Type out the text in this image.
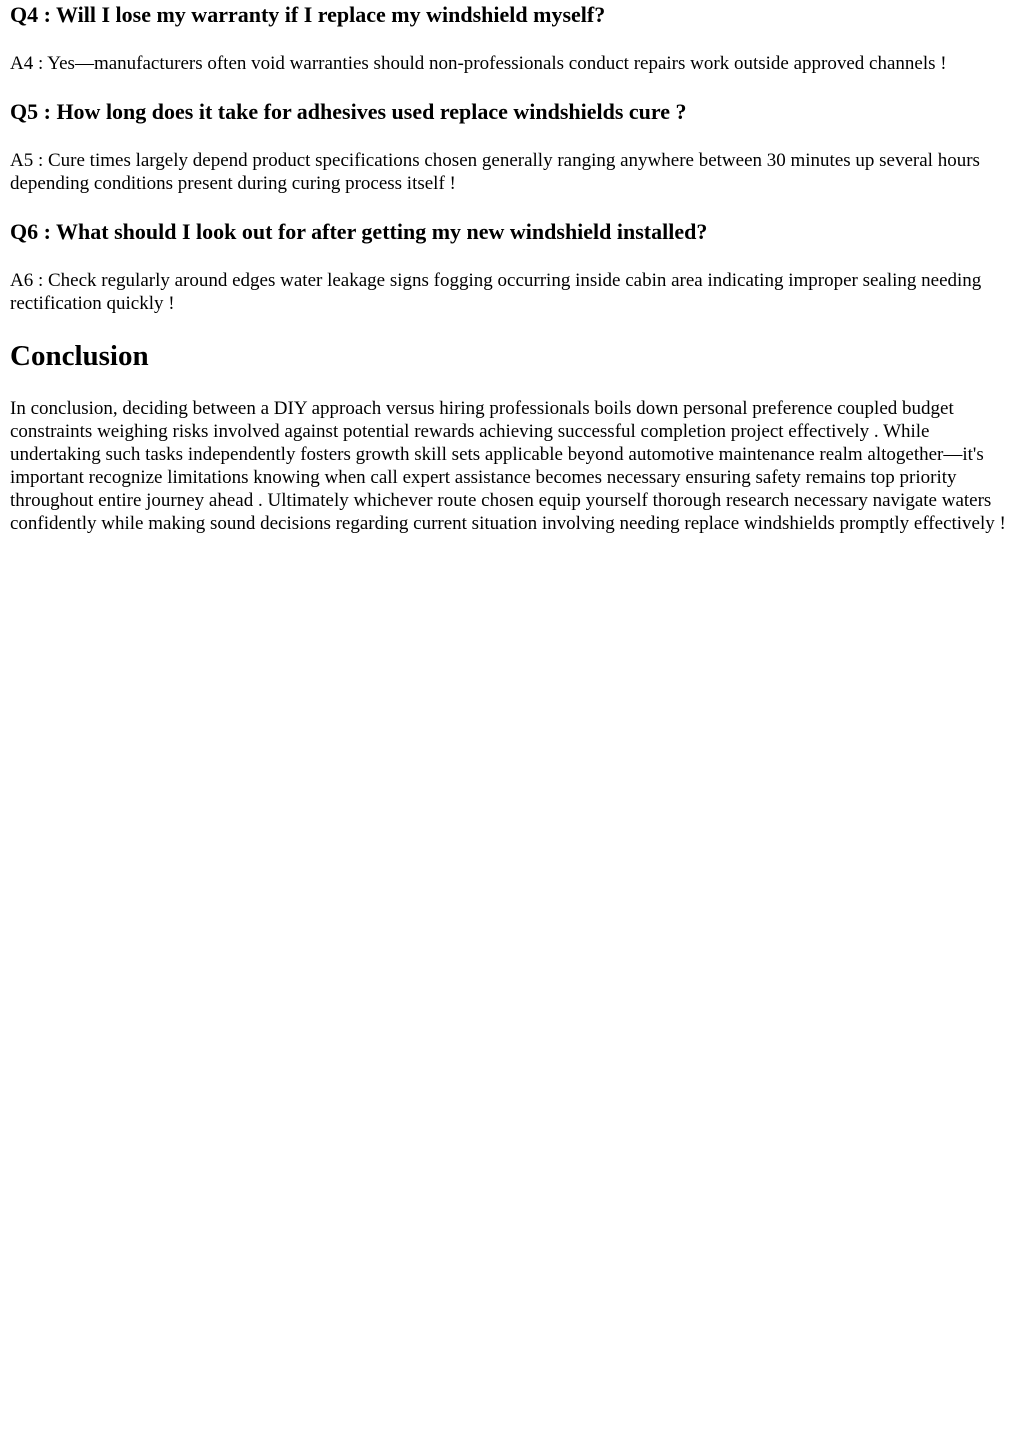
Q4 : Will I lose my warranty if I replace my windshield myself?

A4 : Yes—manufacturers often void warranties should non-professionals conduct repairs work outside approved channels !

Q5 : How long does it take for adhesives used replace windshields cure ?

A5 : Cure times largely depend product specifications chosen generally ranging anywhere between 30 minutes up several hours depending conditions present during curing process itself !

Q6 : What should I look out for after getting my new windshield installed?

A6 : Check regularly around edges water leakage signs fogging occurring inside cabin area indicating improper sealing needing rectification quickly !

Conclusion

In conclusion, deciding between a DIY approach versus hiring professionals boils down personal preference coupled budget constraints weighing risks involved against potential rewards achieving successful completion project effectively . While undertaking such tasks independently fosters growth skill sets applicable beyond automotive maintenance realm altogether—it's important recognize limitations knowing when call expert assistance becomes necessary ensuring safety remains top priority throughout entire journey ahead . Ultimately whichever route chosen equip yourself thorough research necessary navigate waters confidently while making sound decisions regarding current situation involving needing replace windshields promptly effectively !
